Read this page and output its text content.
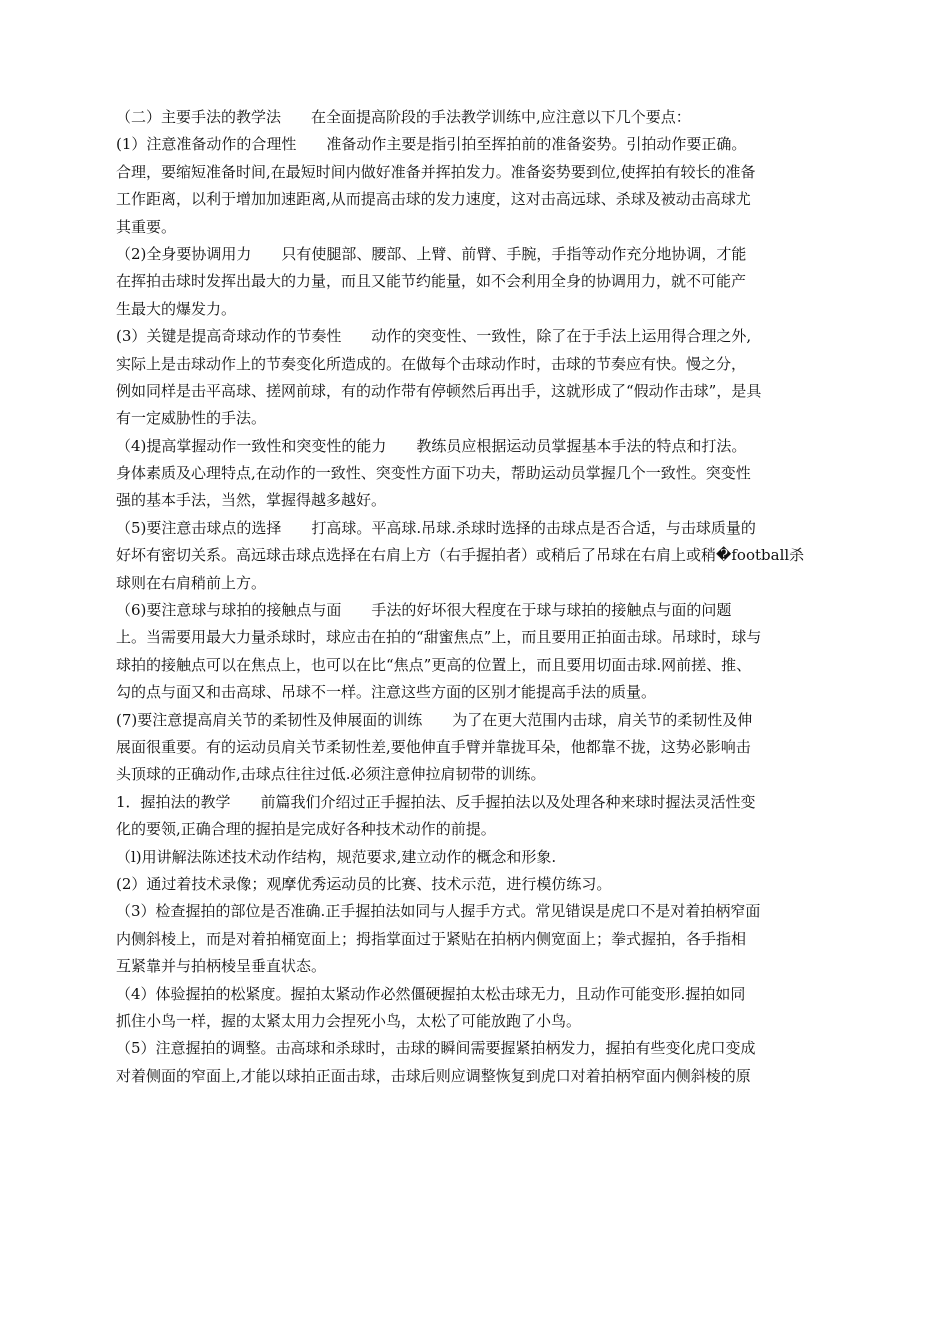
（二）主要手法的教学法　　在全面提高阶段的手法教学训练中,应注意以下几个要点：
(1）注意准备动作的合理性　　准备动作主要是指引拍至挥拍前的准备姿势。引拍动作要正确。
合理，要缩短准备时间,在最短时间内做好准备并挥拍发力。准备姿势要到位,使挥拍有较长的准备
工作距离，以利于增加加速距离,从而提高击球的发力速度，这对击高远球、杀球及被动击高球尤
其重要。
（2)全身要协调用力　　只有使腿部、腰部、上臂、前臂、手腕，手指等动作充分地协调，才能
在挥拍击球时发挥出最大的力量，而且又能节约能量，如不会利用全身的协调用力，就不可能产
生最大的爆发力。
(3）关键是提高奇球动作的节奏性　　动作的突变性、一致性，除了在于手法上运用得合理之外,
实际上是击球动作上的节奏变化所造成的。在做每个击球动作时，击球的节奏应有快。慢之分，
例如同样是击平高球、搓网前球，有的动作带有停顿然后再出手，这就形成了“假动作击球”，是具
有一定威胁性的手法。
（4)提高掌握动作一致性和突变性的能力　　教练员应根据运动员掌握基本手法的特点和打法。
身体素质及心理特点,在动作的一致性、突变性方面下功夫，帮助运动员掌握几个一致性。突变性
强的基本手法，当然，掌握得越多越好。
（5)要注意击球点的选择　　打高球。平高球.吊球.杀球时选择的击球点是否合适，与击球质量的
好坏有密切关系。高远球击球点选择在右肩上方（右手握拍者）或稍后了吊球在右肩上或稍�football杀
球则在右肩稍前上方。
（6)要注意球与球拍的接触点与面　　手法的好坏很大程度在于球与球拍的接触点与面的问题
上。当需要用最大力量杀球时，球应击在拍的“甜蜜焦点”上，而且要用正拍面击球。吊球时，球与
球拍的接触点可以在焦点上，也可以在比“焦点”更高的位置上，而且要用切面击球.网前搓、推、
勾的点与面又和击高球、吊球不一样。注意这些方面的区别才能提高手法的质量。
(7)要注意提高肩关节的柔韧性及伸展面的训练　　为了在更大范围内击球，肩关节的柔韧性及伸
展面很重要。有的运动员肩关节柔韧性差,要他伸直手臂并靠拢耳朵，他都靠不拢，这势必影响击
头顶球的正确动作,击球点往往过低.必须注意伸拉肩韧带的训练。
1．握拍法的教学　　前篇我们介绍过正手握拍法、反手握拍法以及处理各种来球时握法灵活性变
化的要领,正确合理的握拍是完成好各种技术动作的前提。
（l)用讲解法陈述技术动作结构，规范要求,建立动作的概念和形象.
(2）通过着技术录像；观摩优秀运动员的比赛、技术示范，进行模仿练习。
（3）检查握拍的部位是否准确.正手握拍法如同与人握手方式。常见错误是虎口不是对着拍柄窄面
内侧斜棱上，而是对着拍桶宽面上；拇指掌面过于紧贴在拍柄内侧宽面上；拳式握拍，各手指相
互紧靠并与拍柄棱呈垂直状态。
（4）体验握拍的松紧度。握拍太紧动作必然僵硬握拍太松击球无力，且动作可能变形.握拍如同
抓住小鸟一样，握的太紧太用力会捏死小鸟，太松了可能放跑了小鸟。
（5）注意握拍的调整。击高球和杀球时，击球的瞬间需要握紧拍柄发力，握拍有些变化虎口变成
对着侧面的窄面上,才能以球拍正面击球，击球后则应调整恢复到虎口对着拍柄窄面内侧斜棱的原
